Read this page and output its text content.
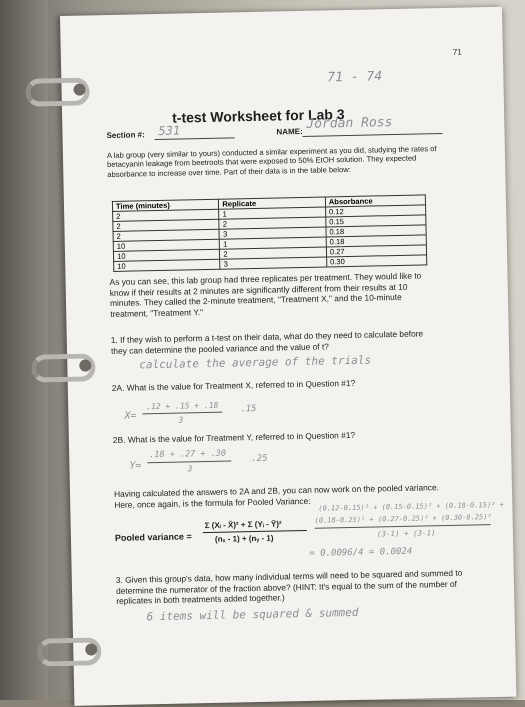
71
71 - 74
t-test Worksheet for Lab 3
Section #: 531	NAME: Jordan Ross
A lab group (very similar to yours) conducted a similar experiment as you did, studying the rates of betacyanin leakage from beetroots that were exposed to 50% EtOH solution. They expected absorbance to increase over time. Part of their data is in the table below:
Time (minutes)	Replicate	Absorbance
2	1	0.12
2	2	0.15
2	3	0.18
10	1	0.18
10	2	0.27
10	3	0.30
As you can see, this lab group had three replicates per treatment. They would like to know if their results at 2 minutes are significantly different from their results at 10 minutes. They called the 2-minute treatment, "Treatment X," and the 10-minute treatment, "Treatment Y."
1. If they wish to perform a t-test on their data, what do they need to calculate before they can determine the pooled variance and the value of t?
calculate the average of the trials
2A. What is the value for Treatment X, referred to in Question #1?
.12 + .15 + .18
X=	3
.15
2B. What is the value for Treatment Y, referred to in Question #1?
.18 + .27 + .30
Y=	3
.25
Having calculated the answers to 2A and 2B, you can now work on the pooled variance. Here, once again, is the formula for Pooled Variance:
Pooled variance =
Σ (Xᵢ - X̄)² + Σ (Yᵢ - Ȳ)²
(nₓ - 1) + (nᵧ - 1)
(0.12-0.15)² + (0.15-0.15)² + (0.18-0.15)² +
(0.18-0.25)² + (0.27-0.25)² + (0.30-0.25)²
(3-1) + (3-1)
= 0.0096/4 = 0.0024
3. Given this group's data, how many individual terms will need to be squared and summed to determine the numerator of the fraction above? (HINT: It's equal to the sum of the number of replicates in both treatments added together.)
6 items will be squared & summed
